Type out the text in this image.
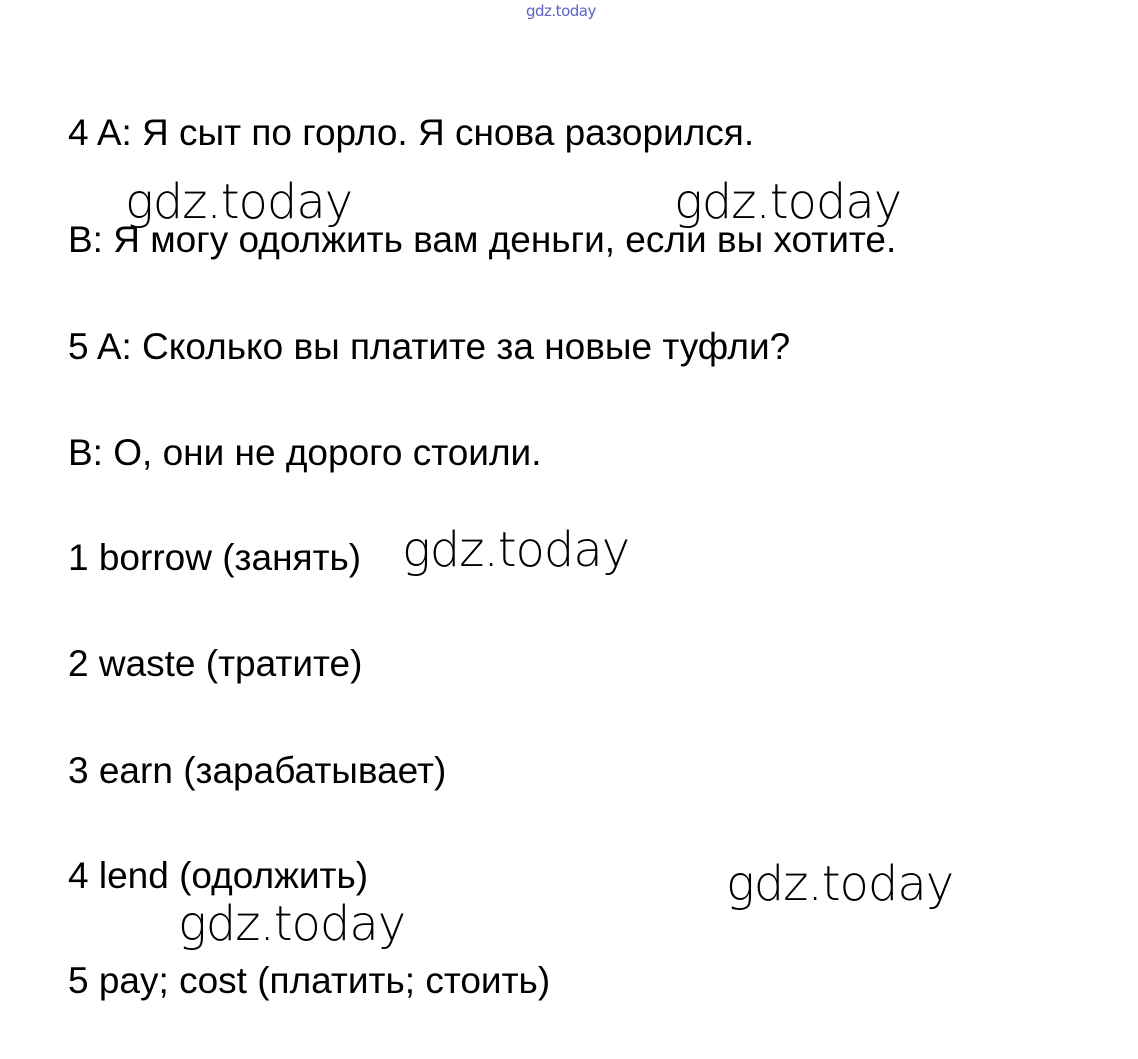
gdz.today
4 A: Я сыт по горло. Я снова разорился.
B: Я могу одолжить вам деньги, если вы хотите.
5 A: Сколько вы платите за новые туфли?
B: О, они не дорого стоили.
1 borrow (занять)
2 waste (тратите)
3 earn (зарабатывает)
4 lend (одолжить)
5 pay; cost (платить; стоить)
gdz.today	gdz.today
gdz.today
gdz.today
gdz.today
